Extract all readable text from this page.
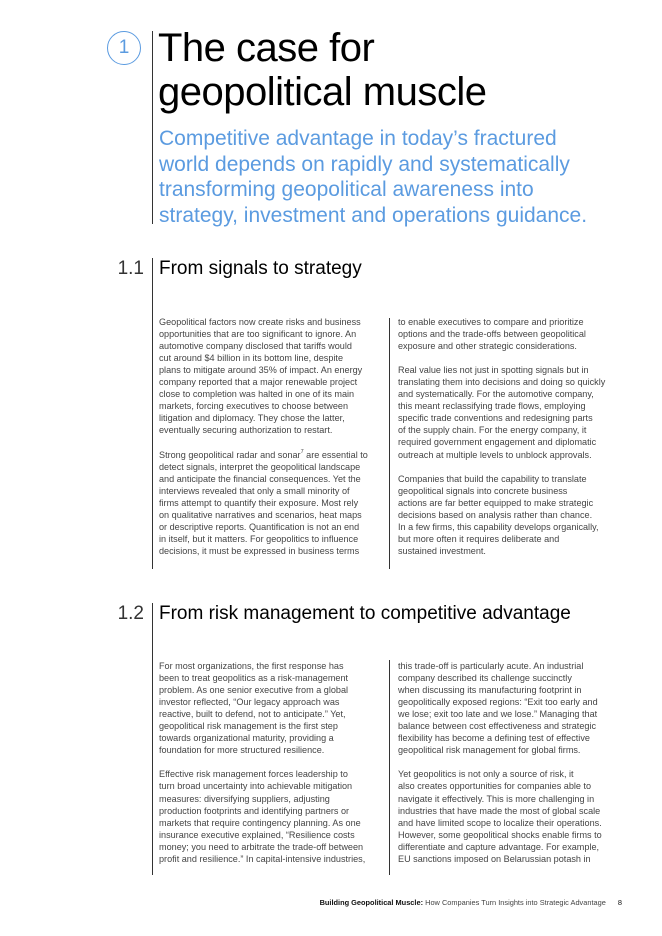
1 The case for
geopolitical muscle
Competitive advantage in today’s fractured
world depends on rapidly and systematically
transforming geopolitical awareness into
strategy, investment and operations guidance.
1.1 From signals to strategy
Geopolitical factors now create risks and business
opportunities that are too significant to ignore. An
automotive company disclosed that tariffs would
cut around $4 billion in its bottom line, despite
plans to mitigate around 35% of impact. An energy
company reported that a major renewable project
close to completion was halted in one of its main
markets, forcing executives to choose between
litigation and diplomacy. They chose the latter,
eventually securing authorization to restart.
Strong geopolitical radar and sonar$^7$ are essential to
detect signals, interpret the geopolitical landscape
and anticipate the financial consequences. Yet the
interviews revealed that only a small minority of
firms attempt to quantify their exposure. Most rely
on qualitative narratives and scenarios, heat maps
or descriptive reports. Quantification is not an end
in itself, but it matters. For geopolitics to influence
decisions, it must be expressed in business terms
to enable executives to compare and prioritize
options and the trade-offs between geopolitical
exposure and other strategic considerations.
Real value lies not just in spotting signals but in
translating them into decisions and doing so quickly
and systematically. For the automotive company,
this meant reclassifying trade flows, employing
specific trade conventions and redesigning parts
of the supply chain. For the energy company, it
required government engagement and diplomatic
outreach at multiple levels to unblock approvals.
Companies that build the capability to translate
geopolitical signals into concrete business
actions are far better equipped to make strategic
decisions based on analysis rather than chance.
In a few firms, this capability develops organically,
but more often it requires deliberate and
sustained investment.
1.2 From risk management to competitive advantage
For most organizations, the first response has
been to treat geopolitics as a risk-management
problem. As one senior executive from a global
investor reflected, “Our legacy approach was
reactive, built to defend, not to anticipate.” Yet,
geopolitical risk management is the first step
towards organizational maturity, providing a
foundation for more structured resilience.
Effective risk management forces leadership to
turn broad uncertainty into achievable mitigation
measures: diversifying suppliers, adjusting
production footprints and identifying partners or
markets that require contingency planning. As one
insurance executive explained, “Resilience costs
money; you need to arbitrate the trade-off between
profit and resilience.” In capital-intensive industries,
this trade-off is particularly acute. An industrial
company described its challenge succinctly
when discussing its manufacturing footprint in
geopolitically exposed regions: “Exit too early and
we lose; exit too late and we lose.” Managing that
balance between cost effectiveness and strategic
flexibility has become a defining test of effective
geopolitical risk management for global firms.
Yet geopolitics is not only a source of risk, it
also creates opportunities for companies able to
navigate it effectively. This is more challenging in
industries that have made the most of global scale
and have limited scope to localize their operations.
However, some geopolitical shocks enable firms to
differentiate and capture advantage. For example,
EU sanctions imposed on Belarussian potash in
Building Geopolitical Muscle: How Companies Turn Insights into Strategic Advantage 8
